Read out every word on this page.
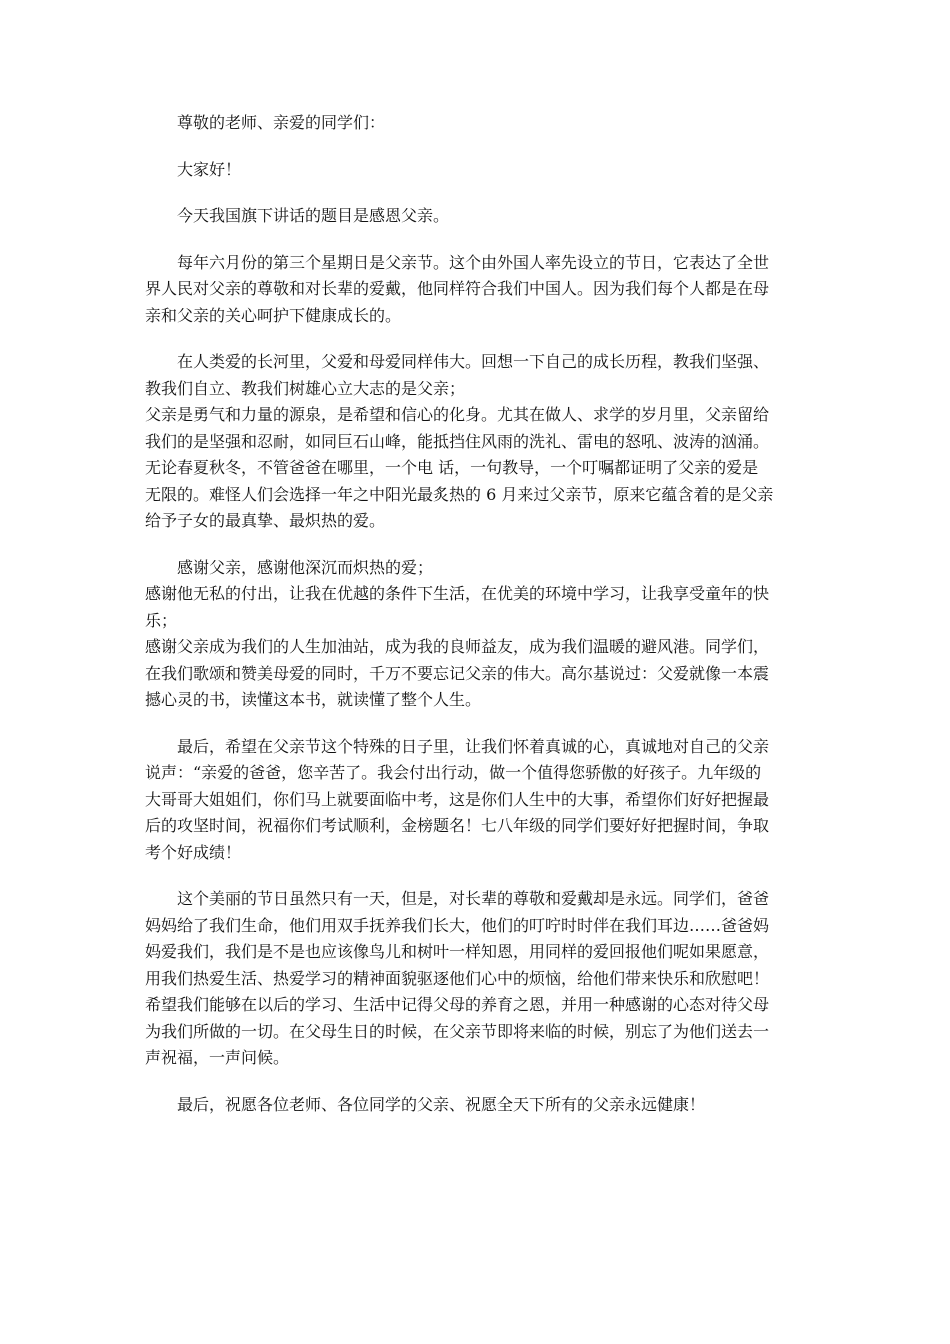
尊敬的老师、亲爱的同学们：
大家好！
今天我国旗下讲话的题目是感恩父亲。
每年六月份的第三个星期日是父亲节。这个由外国人率先设立的节日，它表达了全世
界人民对父亲的尊敬和对长辈的爱戴，他同样符合我们中国人。因为我们每个人都是在母
亲和父亲的关心呵护下健康成长的。
在人类爱的长河里，父爱和母爱同样伟大。回想一下自己的成长历程，教我们坚强、
教我们自立、教我们树雄心立大志的是父亲；
父亲是勇气和力量的源泉，是希望和信心的化身。尤其在做人、求学的岁月里，父亲留给
我们的是坚强和忍耐，如同巨石山峰，能抵挡住风雨的洗礼、雷电的怒吼、波涛的汹涌。
无论春夏秋冬，不管爸爸在哪里，一个电 话，一句教导，一个叮嘱都证明了父亲的爱是
无限的。难怪人们会选择一年之中阳光最炙热的 6 月来过父亲节，原来它蕴含着的是父亲
给予子女的最真挚、最炽热的爱。
感谢父亲，感谢他深沉而炽热的爱；
感谢他无私的付出，让我在优越的条件下生活，在优美的环境中学习，让我享受童年的快
乐；
感谢父亲成为我们的人生加油站，成为我的良师益友，成为我们温暖的避风港。同学们，
在我们歌颂和赞美母爱的同时，千万不要忘记父亲的伟大。高尔基说过：父爱就像一本震
撼心灵的书，读懂这本书，就读懂了整个人生。
最后，希望在父亲节这个特殊的日子里，让我们怀着真诚的心，真诚地对自己的父亲
说声：“亲爱的爸爸，您辛苦了。我会付出行动，做一个值得您骄傲的好孩子。九年级的
大哥哥大姐姐们，你们马上就要面临中考，这是你们人生中的大事，希望你们好好把握最
后的攻坚时间，祝福你们考试顺利，金榜题名！七八年级的同学们要好好把握时间，争取
考个好成绩！
这个美丽的节日虽然只有一天，但是，对长辈的尊敬和爱戴却是永远。同学们，爸爸
妈妈给了我们生命，他们用双手抚养我们长大，他们的叮咛时时伴在我们耳边……爸爸妈
妈爱我们，我们是不是也应该像鸟儿和树叶一样知恩，用同样的爱回报他们呢如果愿意，
用我们热爱生活、热爱学习的精神面貌驱逐他们心中的烦恼，给他们带来快乐和欣慰吧！
希望我们能够在以后的学习、生活中记得父母的养育之恩，并用一种感谢的心态对待父母
为我们所做的一切。在父母生日的时候，在父亲节即将来临的时候，别忘了为他们送去一
声祝福，一声问候。
最后，祝愿各位老师、各位同学的父亲、祝愿全天下所有的父亲永远健康！
